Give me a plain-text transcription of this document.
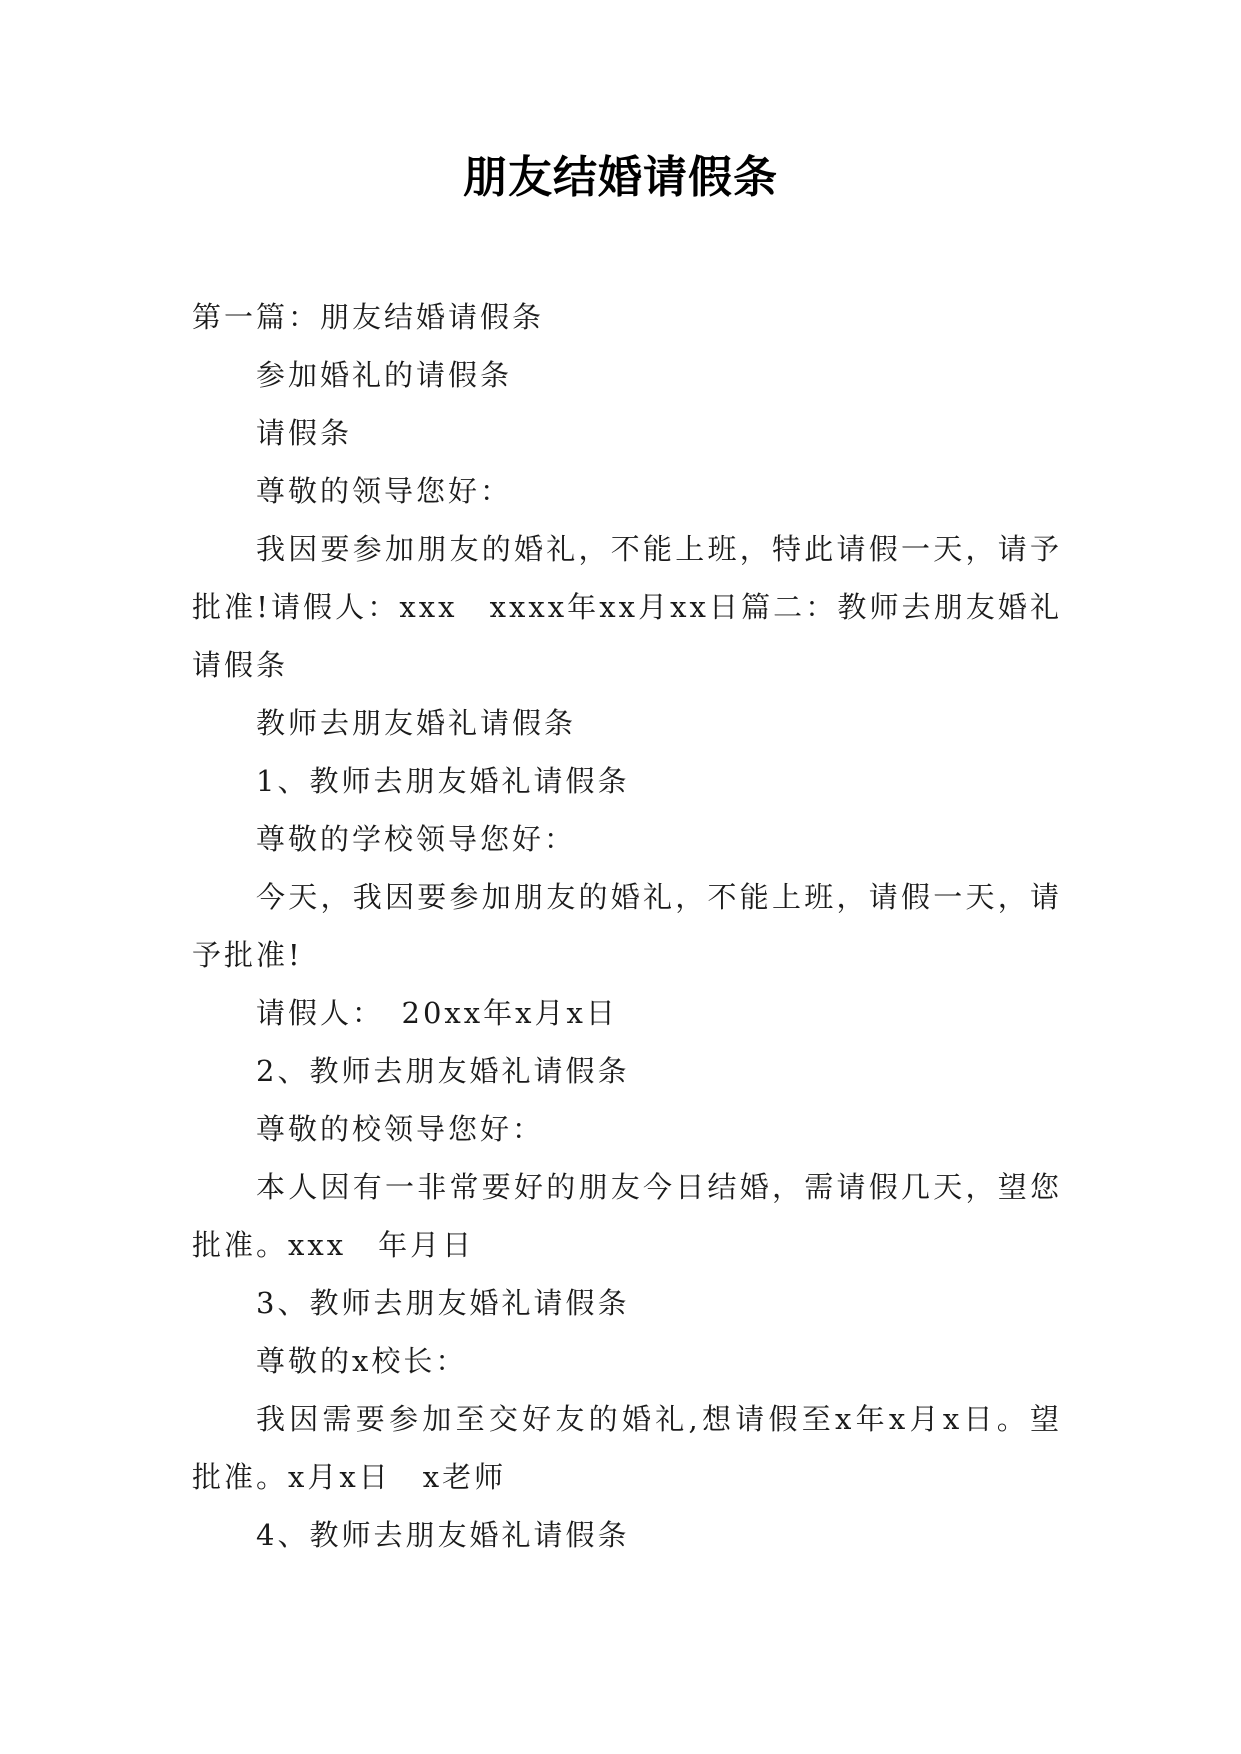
朋友结婚请假条

第一篇：朋友结婚请假条

参加婚礼的请假条

请假条

尊敬的领导您好：

我因要参加朋友的婚礼，不能上班，特此请假一天，请予批准!请假人：xxx　xxxx年xx月xx日篇二：教师去朋友婚礼请假条

教师去朋友婚礼请假条

1、教师去朋友婚礼请假条

尊敬的学校领导您好：

今天，我因要参加朋友的婚礼，不能上班，请假一天，请予批准!

请假人：　20xx年x月x日

2、教师去朋友婚礼请假条

尊敬的校领导您好：

本人因有一非常要好的朋友今日结婚，需请假几天，望您批准。xxx　年月日

3、教师去朋友婚礼请假条

尊敬的x校长：

我因需要参加至交好友的婚礼,想请假至x年x月x日。望批准。x月x日　x老师

4、教师去朋友婚礼请假条
